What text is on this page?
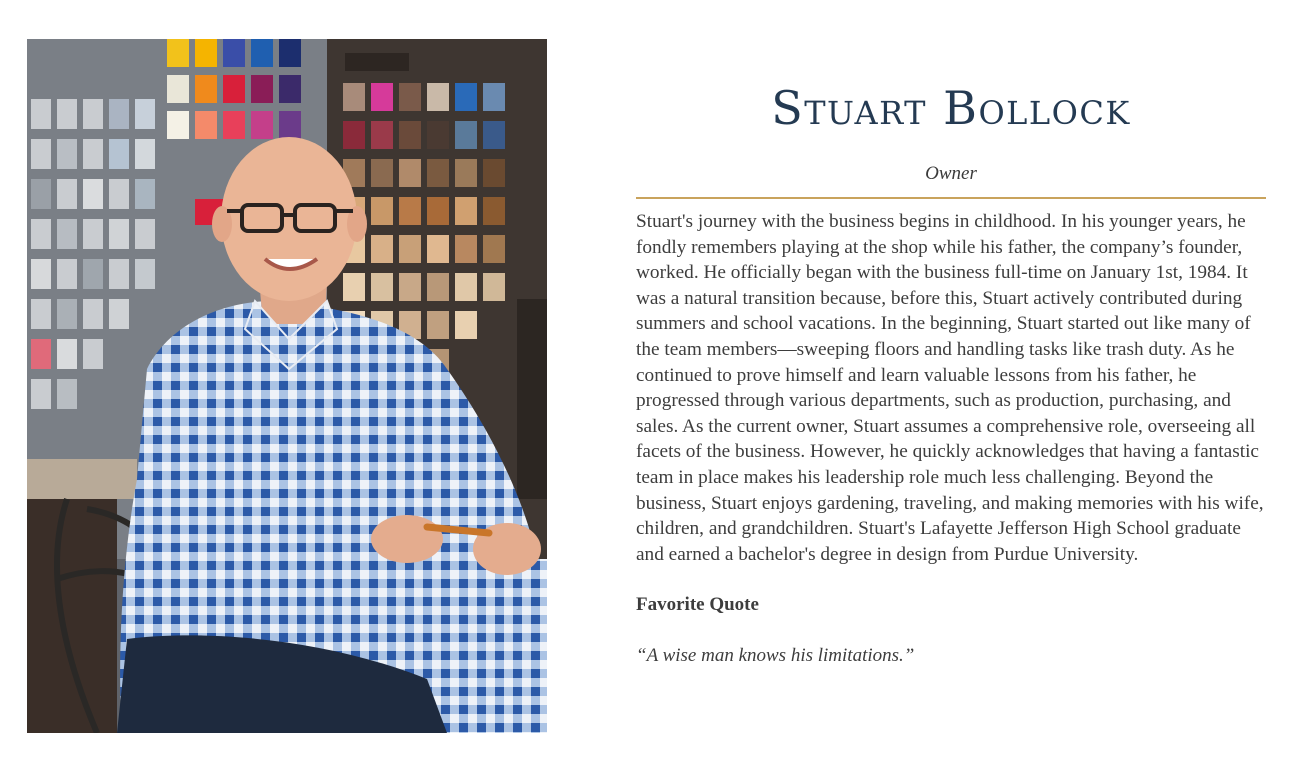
Stuart Bollock
Owner

Stuart's journey with the business begins in childhood. In his younger years, he fondly remembers playing at the shop while his father, the company’s founder, worked. He officially began with the business full-time on January 1st, 1984. It was a natural transition because, before this, Stuart actively contributed during summers and school vacations. In the beginning, Stuart started out like many of the team members—sweeping floors and handling tasks like trash duty. As he continued to prove himself and learn valuable lessons from his father, he progressed through various departments, such as production, purchasing, and sales. As the current owner, Stuart assumes a comprehensive role, overseeing all facets of the business. However, he quickly acknowledges that having a fantastic team in place makes his leadership role much less challenging. Beyond the business, Stuart enjoys gardening, traveling, and making memories with his wife, children, and grandchildren. Stuart's Lafayette Jefferson High School graduate and earned a bachelor's degree in design from Purdue University.

Favorite Quote

“A wise man knows his limitations.”
